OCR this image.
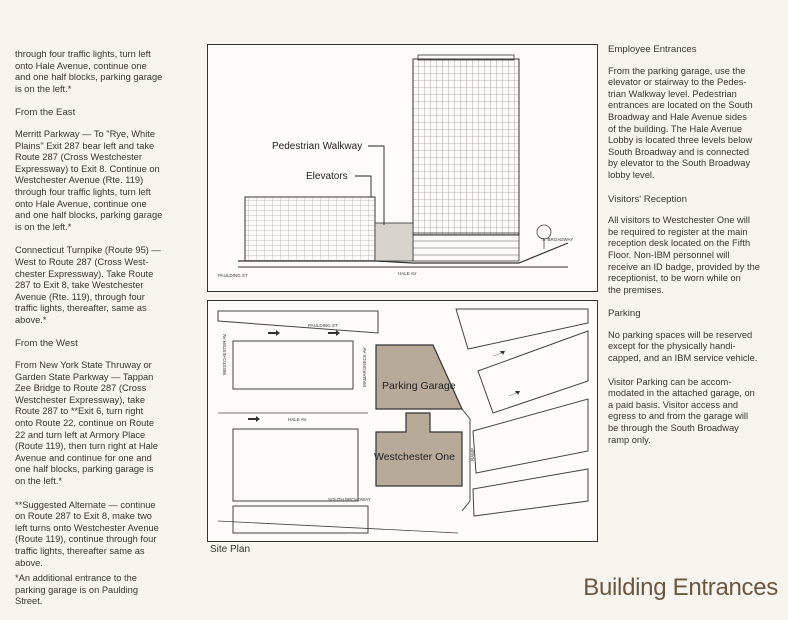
through four traffic lights, turn left
onto Hale Avenue, continue one
and one half blocks, parking garage
is on the left.*

From the East

Merritt Parkway — To "Rye, White
Plains" Exit 287 bear left and take
Route 287 (Cross Westchester
Expressway) to Exit 8. Continue on
Westchester Avenue (Rte. 119)
through four traffic lights, turn left
onto Hale Avenue, continue one
and one half blocks, parking garage
is on the left.*

Connecticut Turnpike (Route 95) —
West to Route 287 (Cross West-
chester Expressway). Take Route
287 to Exit 8, take Westchester
Avenue (Rte. 119), through four
traffic lights, thereafter, same as
above.*

From the West

From New York State Thruway or
Garden State Parkway — Tappan
Zee Bridge to Route 287 (Cross
Westchester Expressway), take
Route 287 to **Exit 6, turn right
onto Route 22, continue on Route
22 and turn left at Armory Place
(Route 119), then turn right at Hale
Avenue and continue for one and
one half blocks, parking garage is
on the left.*

**Suggested Alternate — continue
on Route 287 to Exit 8, make two
left turns onto Westchester Avenue
(Route 119), continue through four
traffic lights, thereafter same as
above.

*An additional entrance to the
parking garage is on Paulding
Street.

Pedestrian Walkway
Elevators
PAULDING ST	HALE AV
S. BROADWAY
Parking Garage
Westchester One
PAULDING ST
HALE AV
WESTCHESTER AV	MAMARONECK AV
SOUTH BROADWAY
RAMP
Site Plan
Employee Entrances

From the parking garage, use the
elevator or stairway to the Pedes-
trian Walkway level. Pedestrian
entrances are located on the South
Broadway and Hale Avenue sides
of the building. The Hale Avenue
Lobby is located three levels below
South Broadway and is connected
by elevator to the South Broadway
lobby level.

Visitors' Reception

All visitors to Westchester One will
be required to register at the main
reception desk located on the Fifth
Floor. Non-IBM personnel will
receive an ID badge, provided by the
receptionist, to be worn while on
the premises.

Parking

No parking spaces will be reserved
except for the physically handi-
capped, and an IBM service vehicle.

Visitor Parking can be accom-
modated in the attached garage, on
a paid basis. Visitor access and
egress to and from the garage will
be through the South Broadway
ramp only.

Building Entrances
